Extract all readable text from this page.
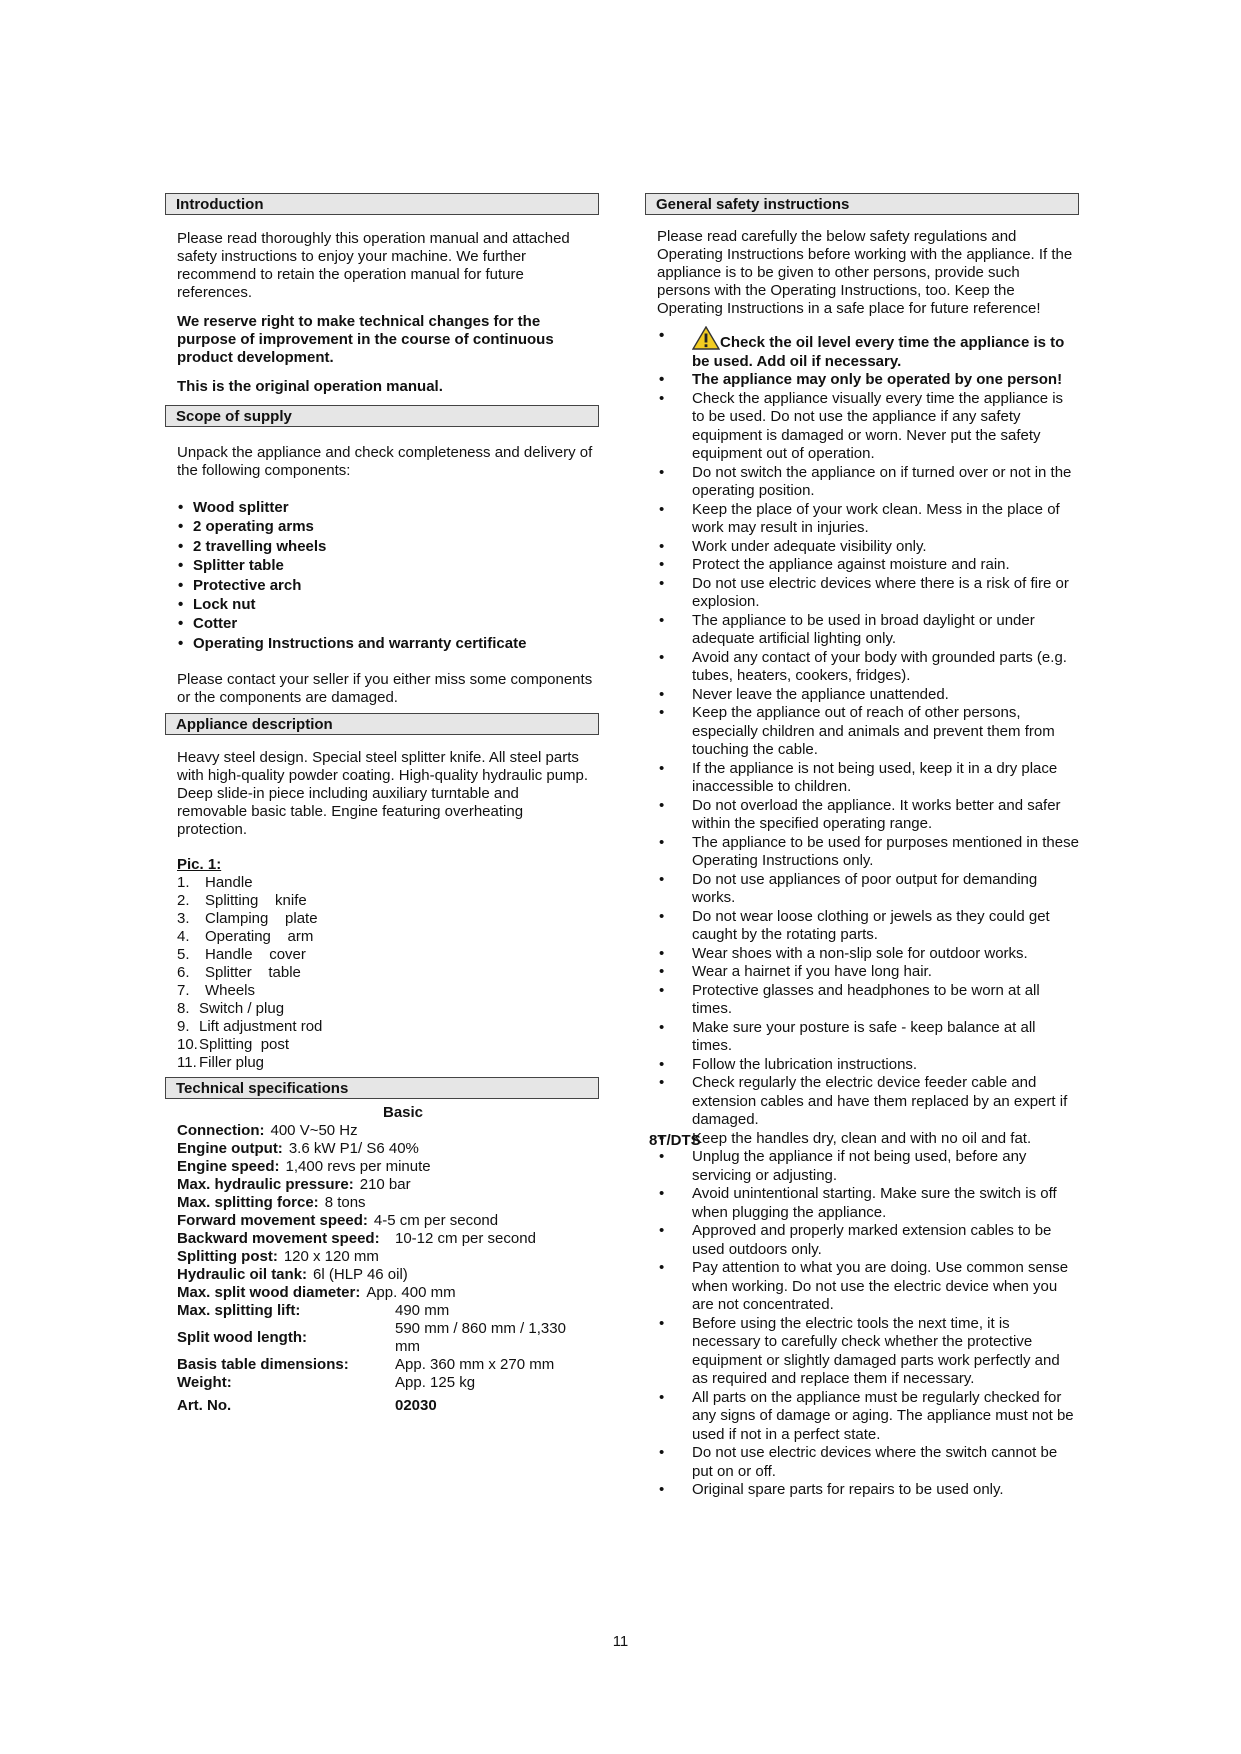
Introduction

Please read thoroughly this operation manual and attached safety instructions to enjoy your machine. We further recommend to retain the operation manual for future references.

We reserve right to make technical changes for the purpose of improvement in the course of continuous product development.

This is the original operation manual.

Scope of supply
Unpack the appliance and check completeness and delivery of the following components:
• Wood splitter
• 2 operating arms
• 2 travelling wheels
• Splitter table
• Protective arch
• Lock nut
• Cotter
• Operating Instructions and warranty certificate
Please contact your seller if you either miss some components or the components are damaged.
Appliance description
Heavy steel design. Special steel splitter knife. All steel parts with high-quality powder coating. High-quality hydraulic pump. Deep slide-in piece including auxiliary turntable and removable basic table. Engine featuring overheating protection.
Pic. 1:
1. Handle
2. Splitting    knife
3. Clamping    plate
4. Operating    arm
5. Handle    cover
6. Splitter    table
7. Wheels
8. Switch / plug
9. Lift adjustment rod
10.Splitting  post
11. Filler plug
Technical specifications
Basic
Connection: 400 V~50 Hz
Engine output: 3.6 kW P1/ S6 40%
Engine speed: 1,400 revs per minute
Max. hydraulic pressure: 210 bar
Max. splitting force: 8 tons
Forward movement speed: 4-5 cm per second
Backward movement speed:	10-12 cm per second
Splitting post: 120 x 120 mm
Hydraulic oil tank: 6l (HLP 46 oil)
Max. split wood diameter: App. 400 mm
Max. splitting lift:	490 mm
Split wood length:
590 mm / 860 mm / 1,330 mm
Basis table dimensions:	App. 360 mm x 270 mm
Weight:	App. 125 kg
Art. No.	02030
General safety instructions
Please read carefully the below safety regulations and Operating Instructions before working with the appliance. If the appliance is to be given to other persons, provide such persons with the Operating Instructions, too. Keep the Operating Instructions in a safe place for future reference!
• Check the oil level every time the appliance is to be used. Add oil if necessary.
• The appliance may only be operated by one person!
• Check the appliance visually every time the appliance is to be used. Do not use the appliance if any safety equipment is damaged or worn. Never put the safety equipment out of operation.
• Do not switch the appliance on if turned over or not in the operating position.
• Keep the place of your work clean. Mess in the place of work may result in injuries.
• Work under adequate visibility only.
• Protect the appliance against moisture and rain.
• Do not use electric devices where there is a risk of fire or explosion.
• The appliance to be used in broad daylight or under adequate artificial lighting only.
• Avoid any contact of your body with grounded parts (e.g. tubes, heaters, cookers, fridges).
• Never leave the appliance unattended.
• Keep the appliance out of reach of other persons, especially children and animals and prevent them from touching the cable.
• If the appliance is not being used, keep it in a dry place inaccessible to children.
• Do not overload the appliance. It works better and safer within the specified operating range.
• The appliance to be used for purposes mentioned in these Operating Instructions only.
• Do not use appliances of poor output for demanding works.
• Do not wear loose clothing or jewels as they could get caught by the rotating parts.
• Wear shoes with a non-slip sole for outdoor works.
• Wear a hairnet if you have long hair.
• Protective glasses and headphones to be worn at all times.
• Make sure your posture is safe - keep balance at all times.
• Follow the lubrication instructions.
• Check regularly the electric device feeder cable and extension cables and have them replaced by an expert if damaged.
• Keep the handles dry, clean and with no oil and fat.
• Unplug the appliance if not being used, before any servicing or adjusting.
• Avoid unintentional starting. Make sure the switch is off when plugging the appliance.
• Approved and properly marked extension cables to be used outdoors only.
• Pay attention to what you are doing. Use common sense when working. Do not use the electric device when you are not concentrated.
• Before using the electric tools the next time, it is necessary to carefully check whether the protective equipment or slightly damaged parts work perfectly and as required and replace them if necessary.
• All parts on the appliance must be regularly checked for any signs of damage or aging. The appliance must not be used if not in a perfect state.
• Do not use electric devices where the switch cannot be put on or off.
• Original spare parts for repairs to be used only.
8T/DTS
11
